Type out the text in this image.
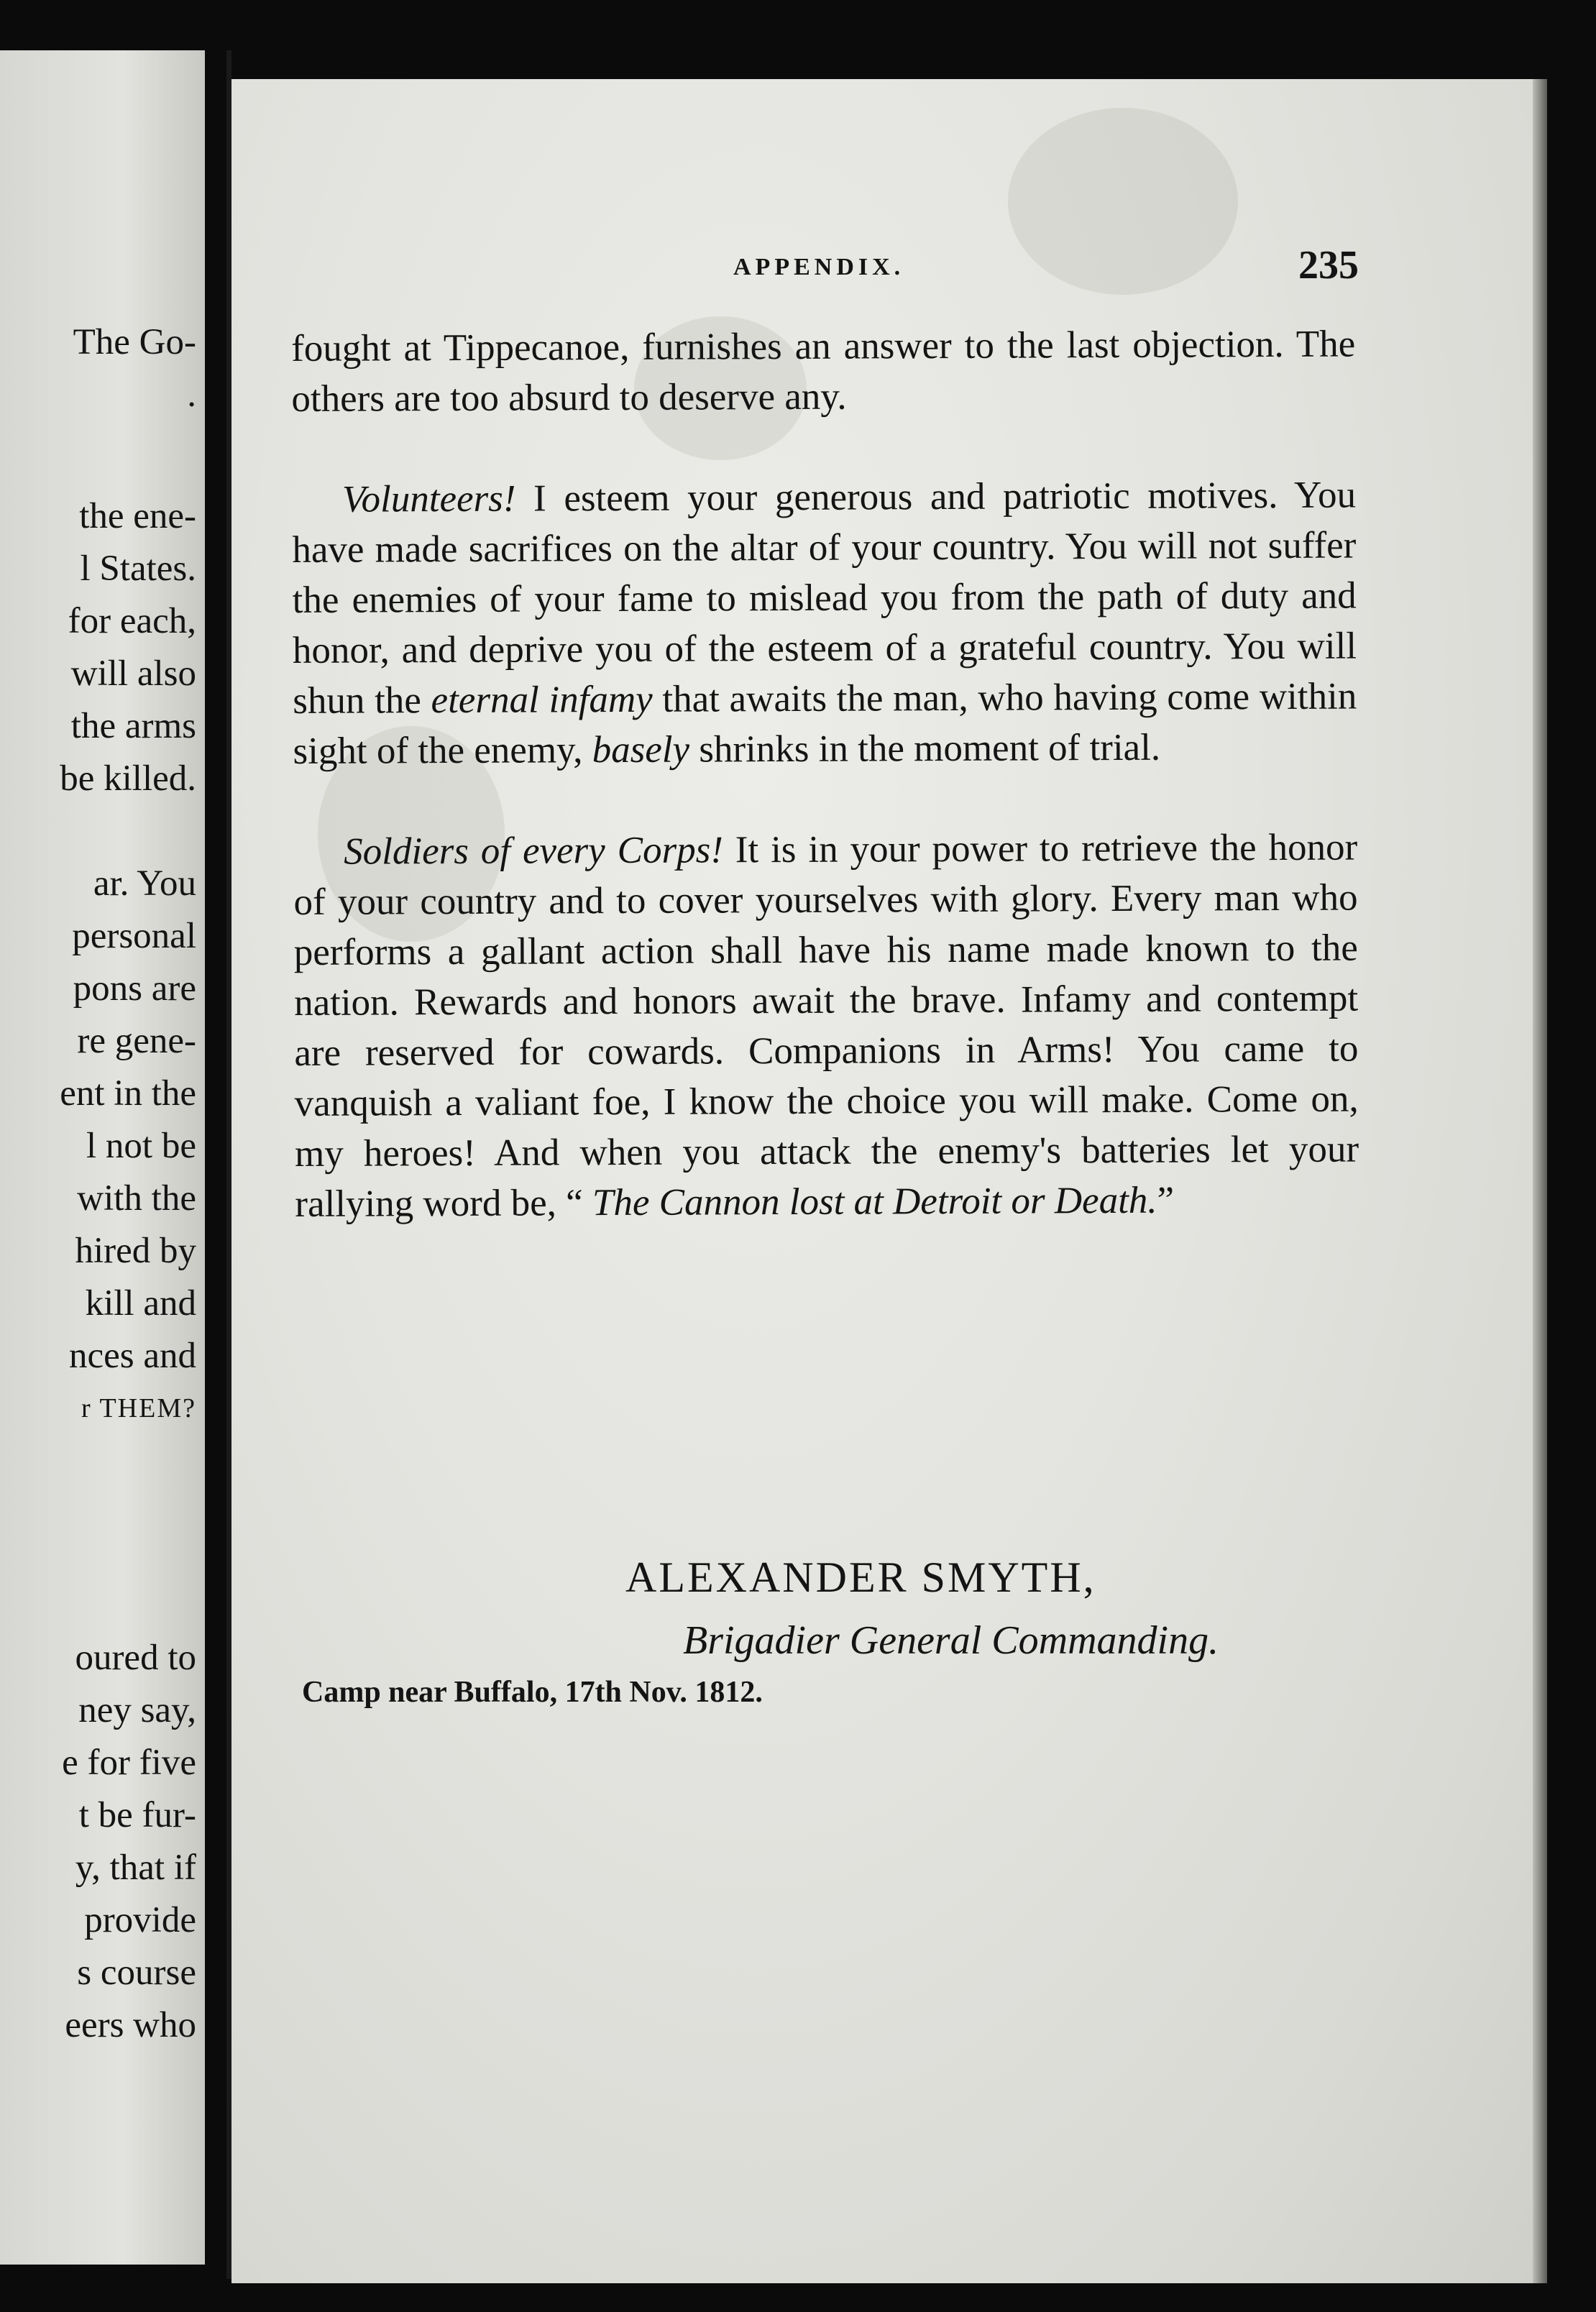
The Go-
.
the ene-
l States.
for each,
will also
the arms
be killed.
ar. You
personal
pons are
re gene-
ent in the
l not be
with the
hired by
kill and
nces and
r THEM?
oured to
ney say,
e for five
t be fur-
y, that if
provide
s course
eers who
APPENDIX.	235

fought at Tippecanoe, furnishes an answer to the last objection. The others are too absurd to deserve any.

Volunteers! I esteem your generous and patriotic motives. You have made sacrifices on the altar of your country. You will not suffer the enemies of your fame to mislead you from the path of duty and honor, and deprive you of the esteem of a grateful country. You will shun the eternal infamy that awaits the man, who having come within sight of the enemy, basely shrinks in the moment of trial.

Soldiers of every Corps! It is in your power to retrieve the honor of your country and to cover yourselves with glory. Every man who performs a gallant action shall have his name made known to the nation. Rewards and honors await the brave. Infamy and contempt are reserved for cowards. Companions in Arms! You came to vanquish a valiant foe, I know the choice you will make. Come on, my heroes! And when you attack the enemy's batteries let your rallying word be, “ The Cannon lost at Detroit or Death.”

ALEXANDER SMYTH,
Brigadier General Commanding.
Camp near Buffalo, 17th Nov. 1812.
